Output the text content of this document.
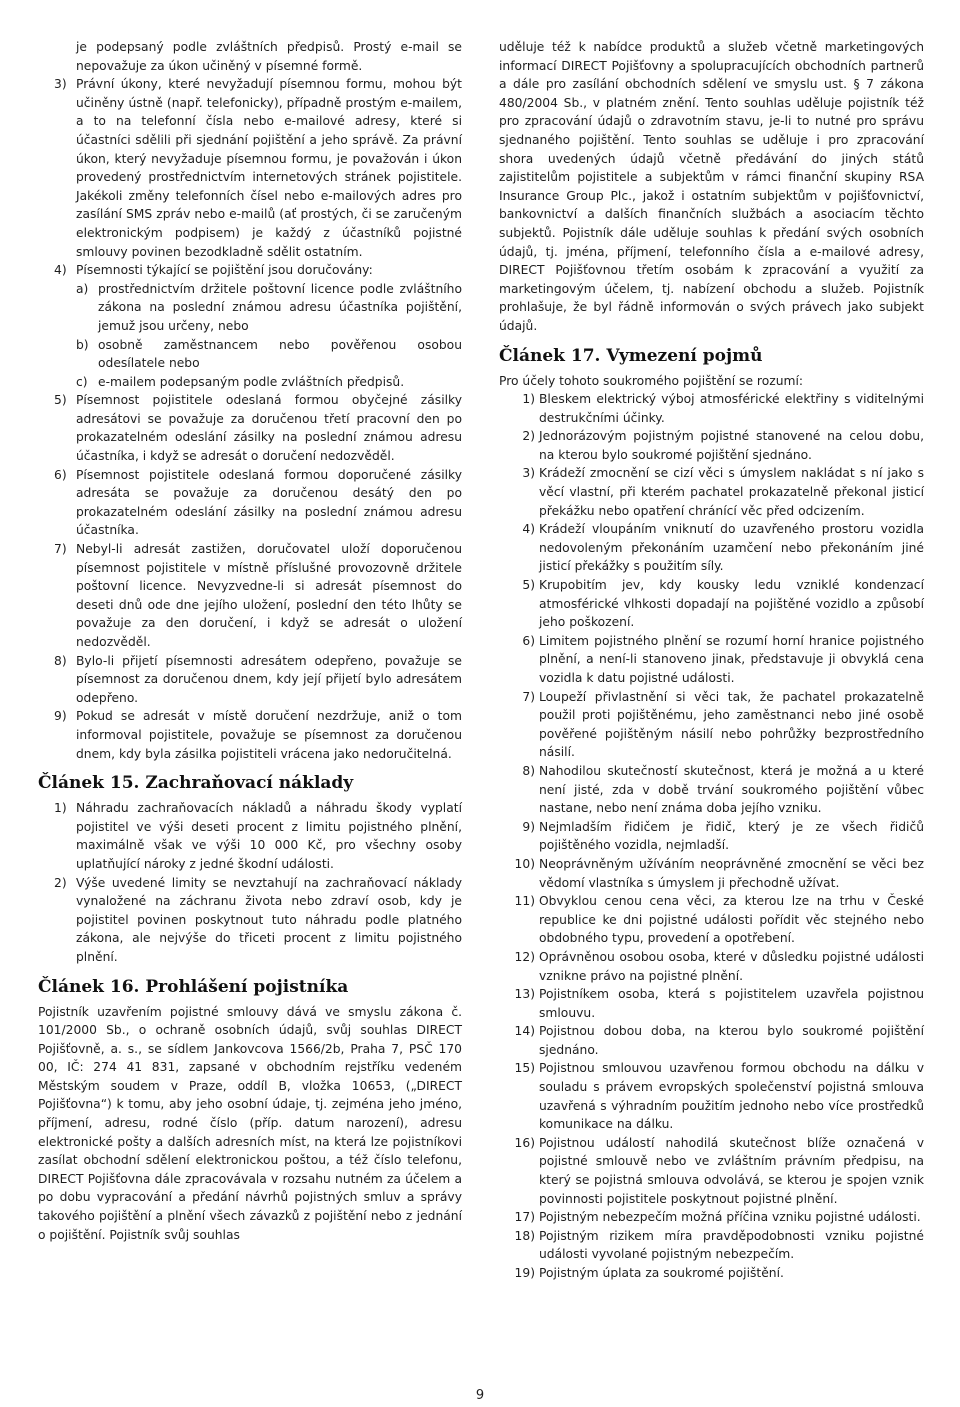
je podepsaný podle zvláštních předpisů. Prostý e-mail se nepovažuje za úkon učiněný v písemné formě.

3) Právní úkony, které nevyžadují písemnou formu, mohou být učiněny ústně (např. telefonicky), případně prostým e-mailem, a to na telefonní čísla nebo e-mailové adresy, které si účastníci sdělili při sjednání pojištění a jeho správě. Za právní úkon, který nevyžaduje písemnou formu, je považován i úkon provedený prostřednictvím internetových stránek pojistitele. Jakékoli změny telefonních čísel nebo e-mailových adres pro zasílání SMS zpráv nebo e-mailů (ať prostých, či se zaručeným elektronickým podpisem) je každý z účastníků pojistné smlouvy povinen bezodkladně sdělit ostatním.
4) Písemnosti týkající se pojištění jsou doručovány:
a) prostřednictvím držitele poštovní licence podle zvláštního zákona na poslední známou adresu účastníka pojištění, jemuž jsou určeny, nebo
b) osobně zaměstnancem nebo pověřenou osobou odesílatele nebo
c) e-mailem podepsaným podle zvláštních předpisů.
5) Písemnost pojistitele odeslaná formou obyčejné zásilky adresátovi se považuje za doručenou třetí pracovní den po prokazatelném odeslání zásilky na poslední známou adresu účastníka, i když se adresát o doručení nedozvěděl.
6) Písemnost pojistitele odeslaná formou doporučené zásilky adresáta se považuje za doručenou desátý den po prokazatelném odeslání zásilky na poslední známou adresu účastníka.
7) Nebyl-li adresát zastižen, doručovatel uloží doporučenou písemnost pojistitele v místně příslušné provozovně držitele poštovní licence. Nevyzvedne-li si adresát písemnost do deseti dnů ode dne jejího uložení, poslední den této lhůty se považuje za den doručení, i když se adresát o uložení nedozvěděl.
8) Bylo-li přijetí písemnosti adresátem odepřeno, považuje se písemnost za doručenou dnem, kdy její přijetí bylo adresátem odepřeno.
9) Pokud se adresát v místě doručení nezdržuje, aniž o tom informoval pojistitele, považuje se písemnost za doručenou dnem, kdy byla zásilka pojistiteli vrácena jako nedoručitelná.
Článek 15. Zachraňovací náklady
1) Náhradu zachraňovacích nákladů a náhradu škody vyplatí pojistitel ve výši deseti procent z limitu pojistného plnění, maximálně však ve výši 10 000 Kč, pro všechny osoby uplatňující nároky z jedné škodní události.
2) Výše uvedené limity se nevztahují na zachraňovací náklady vynaložené na záchranu života nebo zdraví osob, kdy je pojistitel povinen poskytnout tuto náhradu podle platného zákona, ale nejvýše do třiceti procent z limitu pojistného plnění.
Článek 16. Prohlášení pojistníka

Pojistník uzavřením pojistné smlouvy dává ve smyslu zákona č. 101/2000 Sb., o ochraně osobních údajů, svůj souhlas DIRECT Pojišťovně, a. s., se sídlem Jankovcova 1566/2b, Praha 7, PSČ 170 00, IČ: 274 41 831, zapsané v obchodním rejstříku vedeném Městským soudem v Praze, oddíl B, vložka 10653, („DIRECT Pojišťovna“) k tomu, aby jeho osobní údaje, tj. zejména jeho jméno, příjmení, adresu, rodné číslo (příp. datum narození), adresu elektronické pošty a dalších adresních míst, na která lze pojistníkovi zasílat obchodní sdělení elektronickou poštou, a též číslo telefonu, DIRECT Pojišťovna dále zpracovávala v rozsahu nutném za účelem a po dobu vypracování a předání návrhů pojistných smluv a správy takového pojištění a plnění všech závazků z pojištění nebo z jednání o pojištění. Pojistník svůj souhlas

uděluje též k nabídce produktů a služeb včetně marketingových informací DIRECT Pojišťovny a spolupracujících obchodních partnerů a dále pro zasílání obchodních sdělení ve smyslu ust. § 7 zákona 480/2004 Sb., v platném znění. Tento souhlas uděluje pojistník též pro zpracování údajů o zdravotním stavu, je-li to nutné pro správu sjednaného pojištění. Tento souhlas se uděluje i pro zpracování shora uvedených údajů včetně předávání do jiných států zajistitelům pojistitele a subjektům v rámci finanční skupiny RSA Insurance Group Plc., jakož i ostatním subjektům v pojišťovnictví, bankovnictví a dalších finančních službách a asociacím těchto subjektů. Pojistník dále uděluje souhlas k předání svých osobních údajů, tj. jména, příjmení, telefonního čísla a e-mailové adresy, DIRECT Pojišťovnou třetím osobám k zpracování a využití za marketingovým účelem, tj. nabízení obchodu a služeb. Pojistník prohlašuje, že byl řádně informován o svých právech jako subjekt údajů.

Článek 17. Vymezení pojmů

Pro účely tohoto soukromého pojištění se rozumí:

1) Bleskem elektrický výboj atmosférické elektřiny s viditelnými destrukčními účinky.
2) Jednorázovým pojistným pojistné stanovené na celou dobu, na kterou bylo soukromé pojištění sjednáno.
3) Krádeží zmocnění se cizí věci s úmyslem nakládat s ní jako s věcí vlastní, při kterém pachatel prokazatelně překonal jisticí překážku nebo opatření chránící věc před odcizením.
4) Krádeží vloupáním vniknutí do uzavřeného prostoru vozidla nedovoleným překonáním uzamčení nebo překonáním jiné jisticí překážky s použitím síly.
5) Krupobitím jev, kdy kousky ledu vzniklé kondenzací atmosférické vlhkosti dopadají na pojištěné vozidlo a způsobí jeho poškození.
6) Limitem pojistného plnění se rozumí horní hranice pojistného plnění, a není-li stanoveno jinak, představuje ji obvyklá cena vozidla k datu pojistné události.
7) Loupeží přivlastnění si věci tak, že pachatel prokazatelně použil proti pojištěnému, jeho zaměstnanci nebo jiné osobě pověřené pojištěným násilí nebo pohrůžky bezprostředního násilí.
8) Nahodilou skutečností skutečnost, která je možná a u které není jisté, zda v době trvání soukromého pojištění vůbec nastane, nebo není známa doba jejího vzniku.
9) Nejmladším řidičem je řidič, který je ze všech řidičů pojištěného vozidla, nejmladší.
10) Neoprávněným užíváním neoprávněné zmocnění se věci bez vědomí vlastníka s úmyslem ji přechodně užívat.
11) Obvyklou cenou cena věci, za kterou lze na trhu v České republice ke dni pojistné události pořídit věc stejného nebo obdobného typu, provedení a opotřebení.
12) Oprávněnou osobou osoba, které v důsledku pojistné události vznikne právo na pojistné plnění.
13) Pojistníkem osoba, která s pojistitelem uzavřela pojistnou smlouvu.
14) Pojistnou dobou doba, na kterou bylo soukromé pojištění sjednáno.
15) Pojistnou smlouvou uzavřenou formou obchodu na dálku v souladu s právem evropských společenství pojistná smlouva uzavřená s výhradním použitím jednoho nebo více prostředků komunikace na dálku.
16) Pojistnou událostí nahodilá skutečnost blíže označená v pojistné smlouvě nebo ve zvláštním právním předpisu, na který se pojistná smlouva odvolává, se kterou je spojen vznik povinnosti pojistitele poskytnout pojistné plnění.
17) Pojistným nebezpečím možná příčina vzniku pojistné události.
18) Pojistným rizikem míra pravděpodobnosti vzniku pojistné události vyvolané pojistným nebezpečím.
19) Pojistným úplata za soukromé pojištění.
9
